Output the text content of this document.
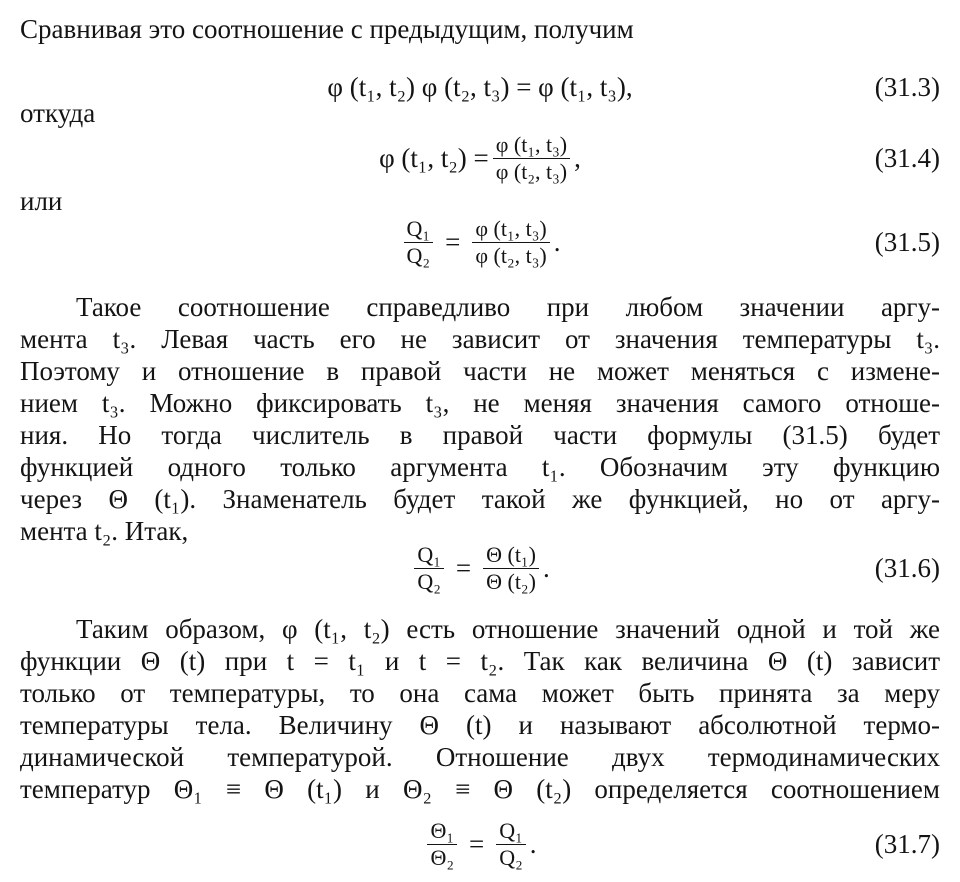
Сравнивая это соотношение с предыдущим, получим
φ (t₁, t₂) φ (t₂, t₃) = φ (t₁, t₃),	(31.3)
откуда
φ (t₁, $t_2) = \frac{\text{φ (t₁, t₃)}}{\text{φ (t₂, t₃)}}$ ,	(31.4)
или
$\frac{\text{Q₁}}{\text{Q₂}} = \frac{\text{φ (t₁, t₃)}}{\text{φ (t₂, t₃)}}$ .	(31.5)
Такое соотношение справедливо при любом значении аргу-
мента t₃. Левая часть его не зависит от значения температуры t₃.
Поэтому и отношение в правой части не может меняться с измене-
нием t₃. Можно фиксировать t₃, не меняя значения самого отноше-
ния. Но тогда числитель в правой части формулы (31.5) будет
функцией одного только аргумента t₁. Обозначим эту функцию
через Θ (t₁). Знаменатель будет такой же функцией, но от аргу-
мента t₂. Итак,
$\frac{\text{Q₁}}{\text{Q₂}} = \frac{\text{Θ (t₁)}}{\text{Θ (t₂)}}$ .	(31.6)
Таким образом, φ (t₁, t₂) есть отношение значений одной и той же
функции Θ (t) при t = t₁ и t = t₂. Так как величина Θ (t) зависит
только от температуры, то она сама может быть принята за меру
температуры тела. Величину Θ (t) и называют абсолютной термо-
динамической температурой. Отношение двух термодинамических
температур Θ₁ ≡ Θ (t₁) и Θ₂ ≡ Θ (t₂) определяется соотношением
$\frac{\text{Θ₁}}{\text{Θ₂}} = \frac{\text{Q₁}}{\text{Q₂}}$ .	(31.7)
